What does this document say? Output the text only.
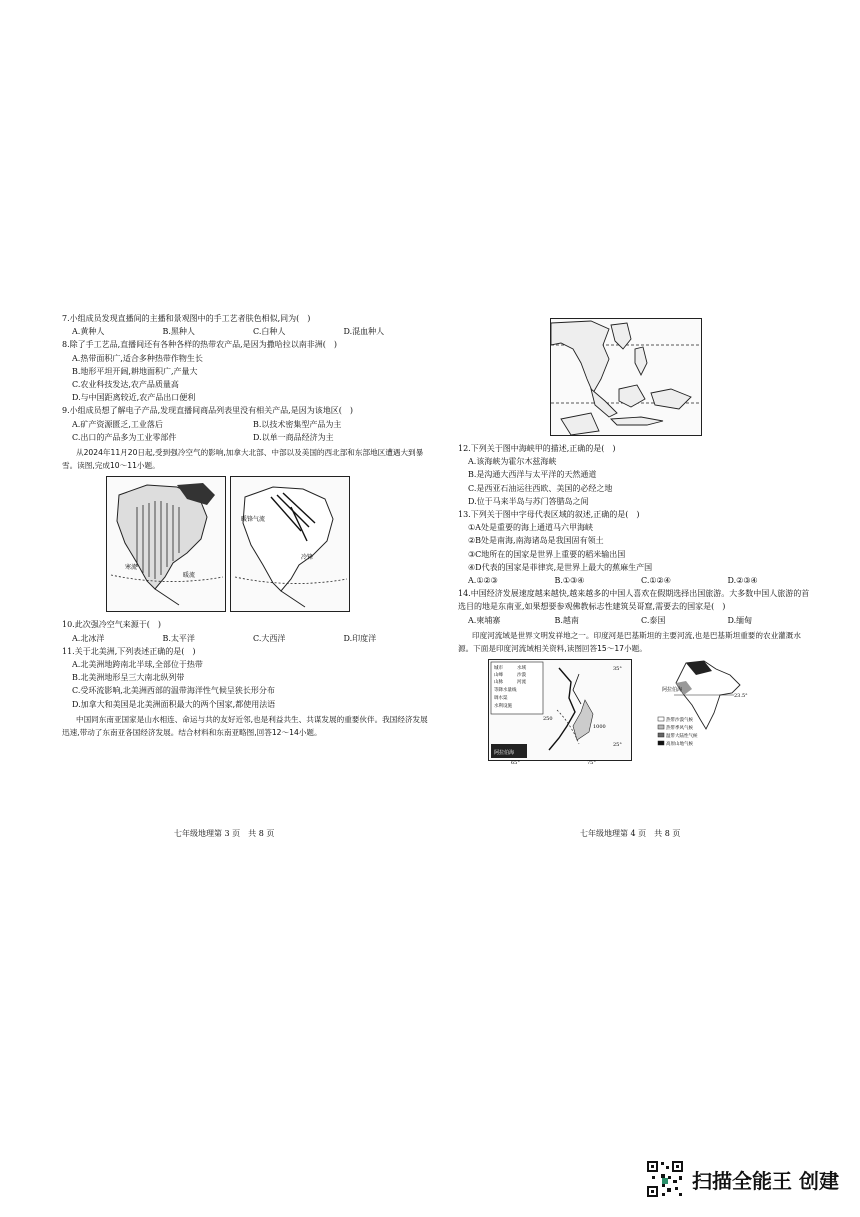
7.小组成员发现直播间的主播和景观图中的手工艺者肤色相似,同为(　)

A.黄种人	B.黑种人	C.白种人	D.混血种人

8.除了手工艺品,直播间还有各种各样的热带农产品,是因为撒哈拉以南非洲(　)

A.热带面积广,适合多种热带作物生长

B.地形平坦开阔,耕地面积广,产量大

C.农业科技发达,农产品质量高

D.与中国距离较近,农产品出口便利

9.小组成员想了解电子产品,发现直播间商品列表里没有相关产品,是因为该地区(　)

A.矿产资源匮乏,工业落后	B.以技术密集型产品为主
C.出口的产品多为工业零部件	D.以单一商品经济为主

从2024年11月20日起,受到强冷空气的影响,加拿大北部、中部以及美国的西北部和东部地区遭遇大到暴雪。读图,完成10～11小题。

寒流
暖流
暖锋气流
冷锋

10.此次强冷空气来源于(　)

A.北冰洋	B.太平洋	C.大西洋	D.印度洋

11.关于北美洲,下列表述正确的是(　)

A.北美洲地跨南北半球,全部位于热带

B.北美洲地形呈三大南北纵列带

C.受环流影响,北美洲西部的温带海洋性气候呈狭长形分布

D.加拿大和美国是北美洲面积最大的两个国家,都使用法语

中国同东南亚国家是山水相连、命运与共的友好近邻,也是利益共生、共谋发展的重要伙伴。我国经济发展迅速,带动了东南亚各国经济发展。结合材料和东南亚略图,回答12～14小题。

七年级地理第 3 页　共 8 页

12.下列关于图中海峡甲的描述,正确的是(　)

A.该海峡为霍尔木兹海峡

B.是沟通大西洋与太平洋的天然通道

C.是西亚石油运往西欧、美国的必经之地

D.位于马来半岛与苏门答腊岛之间

13.下列关于图中字母代表区域的叙述,正确的是(　)

①A处是重要的海上通道马六甲海峡

②B处是南海,南海诸岛是我国固有领土

③C地所在的国家是世界上重要的稻米输出国

④D代表的国家是菲律宾,是世界上最大的蕉麻生产国

A.①②③	B.①③④	C.①②④	D.②③④

14.中国经济发展速度越来越快,越来越多的中国人喜欢在假期选择出国旅游。大多数中国人旅游的首选目的地是东南亚,如果想要参观佛教标志性建筑吴哥窟,需要去的国家是(　)

A.柬埔寨	B.越南	C.泰国	D.缅甸

印度河流域是世界文明发祥地之一。印度河是巴基斯坦的主要河流,也是巴基斯坦重要的农业灌溉水源。下面是印度河流域相关资料,读图回答15～17小题。

城市	水域
山峰	沙漠
山脉	河流
等降水量线
调水渠
水利设施
阿拉伯海
35°
25°
250
1000
65°	75°
阿拉伯海
23.5°
热带沙漠气候
热带季风气候
温带大陆性气候
高原山地气候
七年级地理第 4 页　共 8 页
扫描全能王 创建
